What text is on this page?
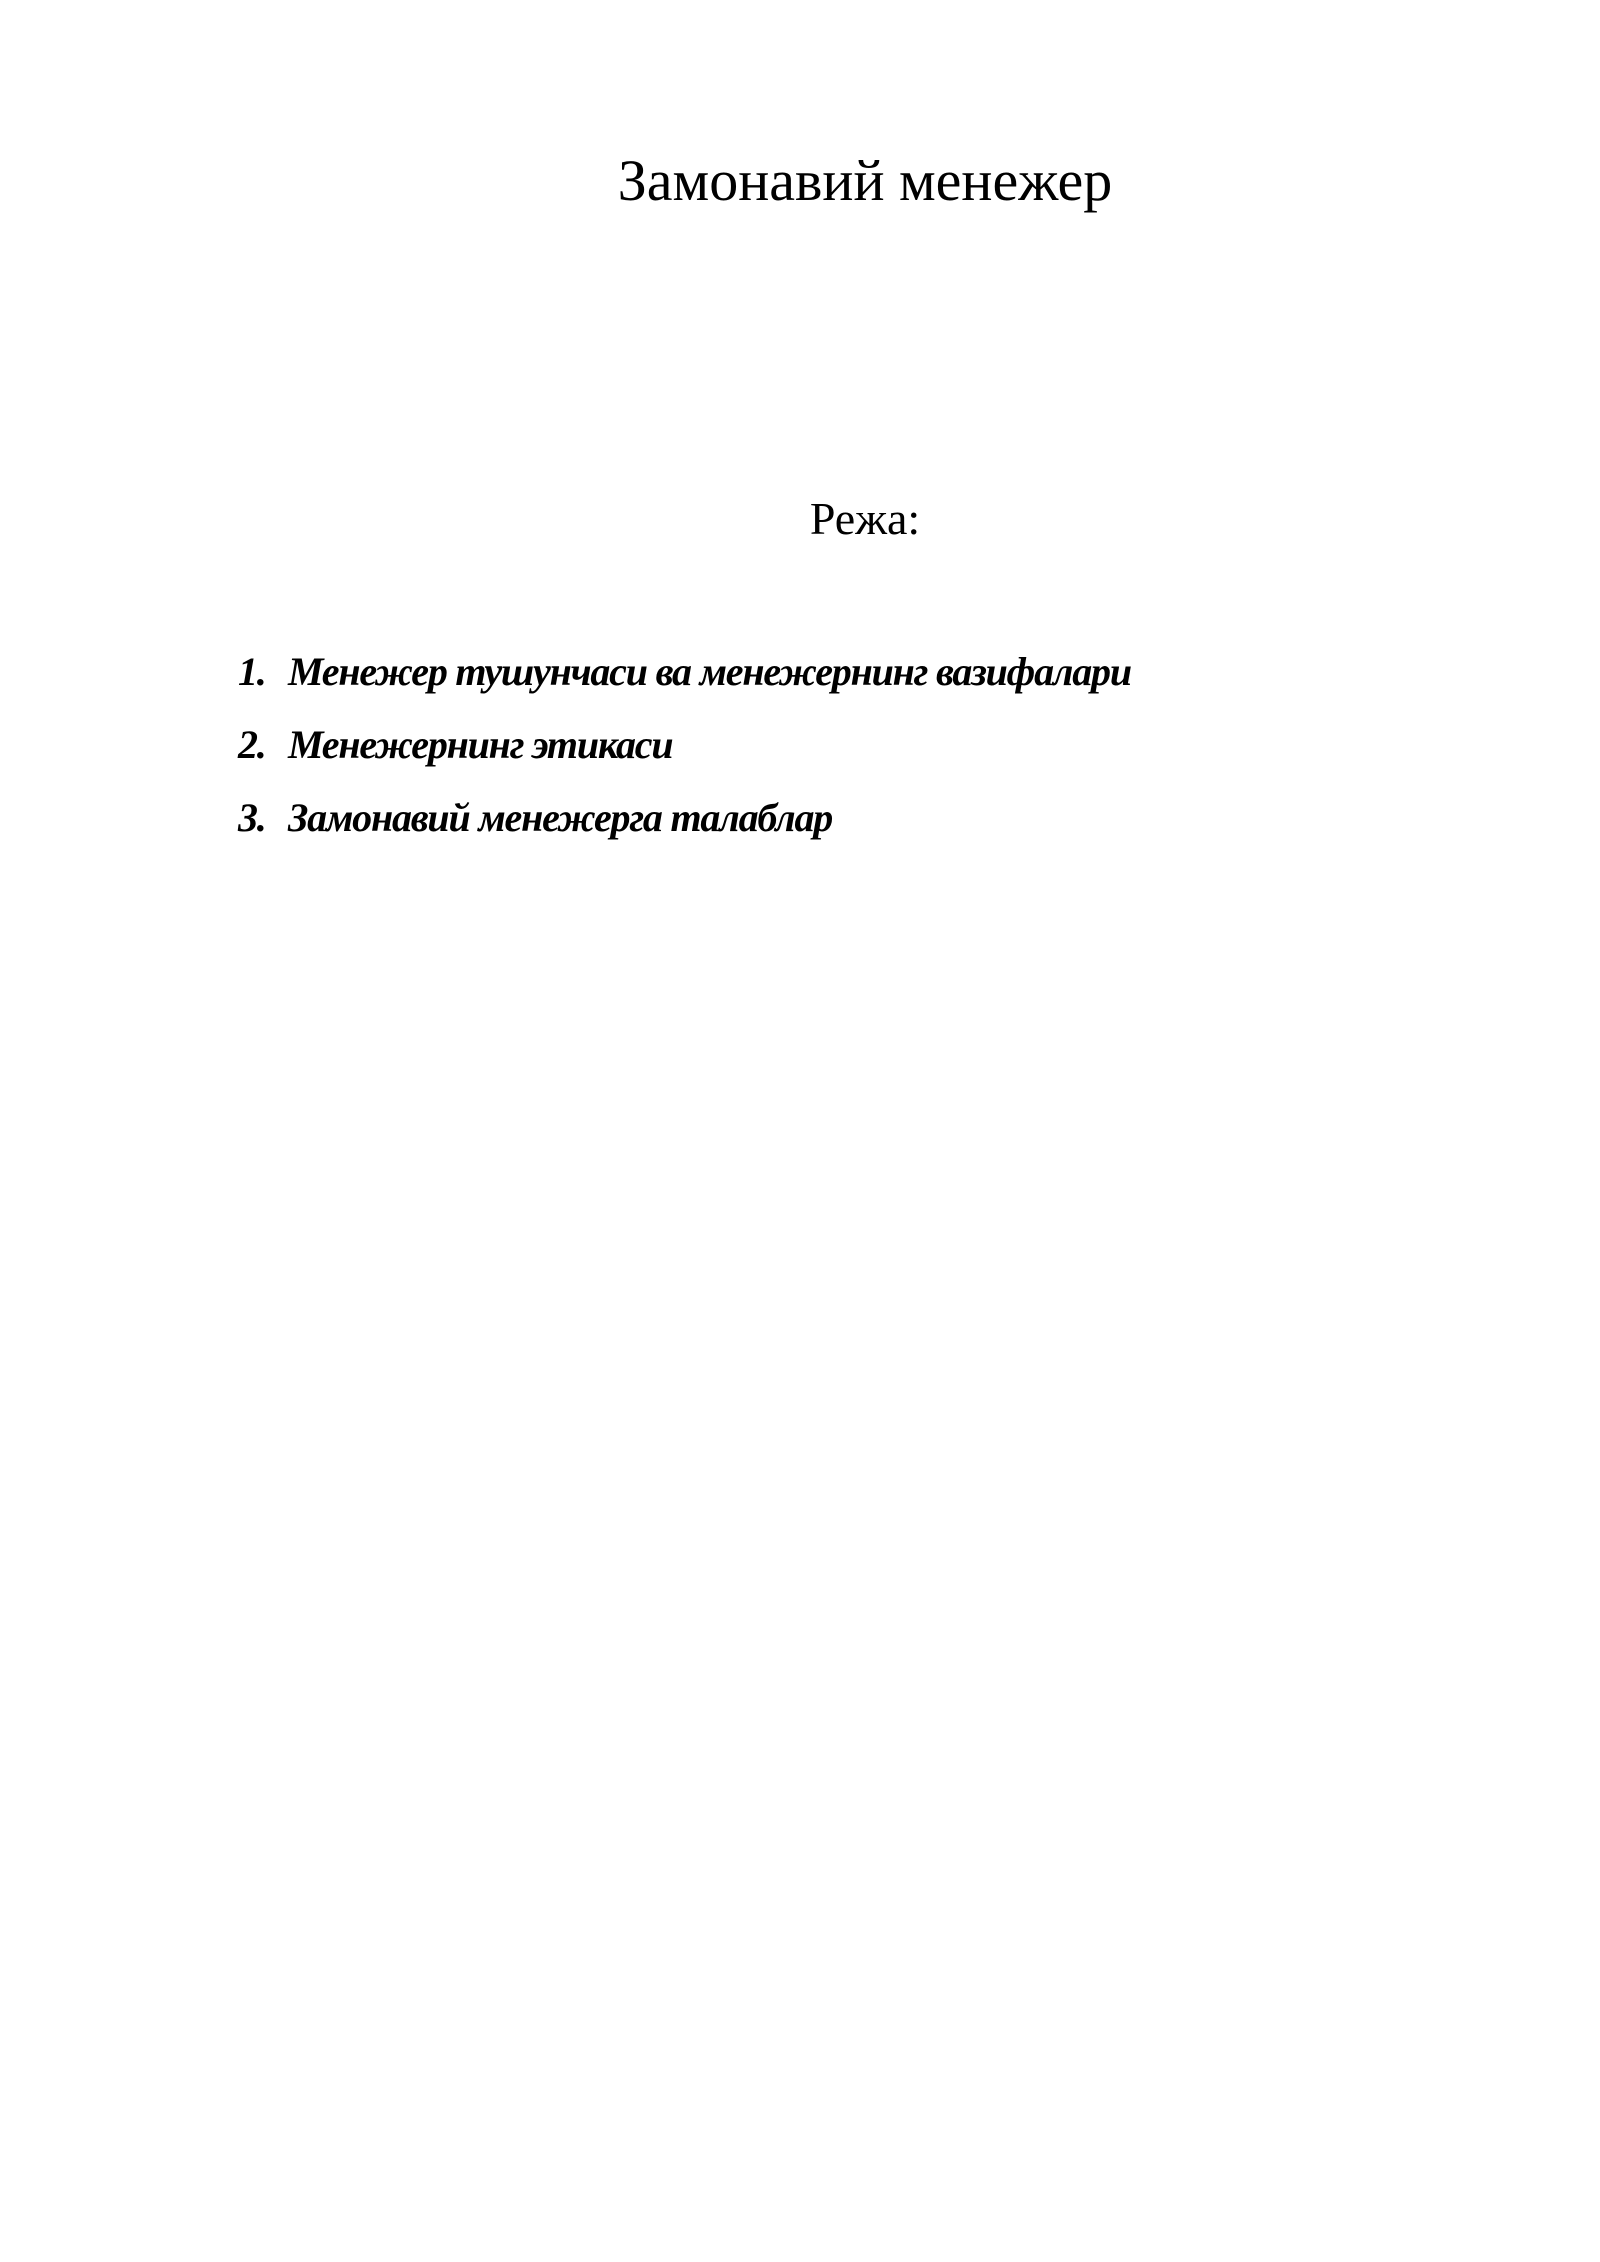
Замонавий менежер
Режа:
1. Менежер тушунчаси ва менежернинг вазифалари
2. Менежернинг этикаси
3. Замонавий менежерга талаблар
